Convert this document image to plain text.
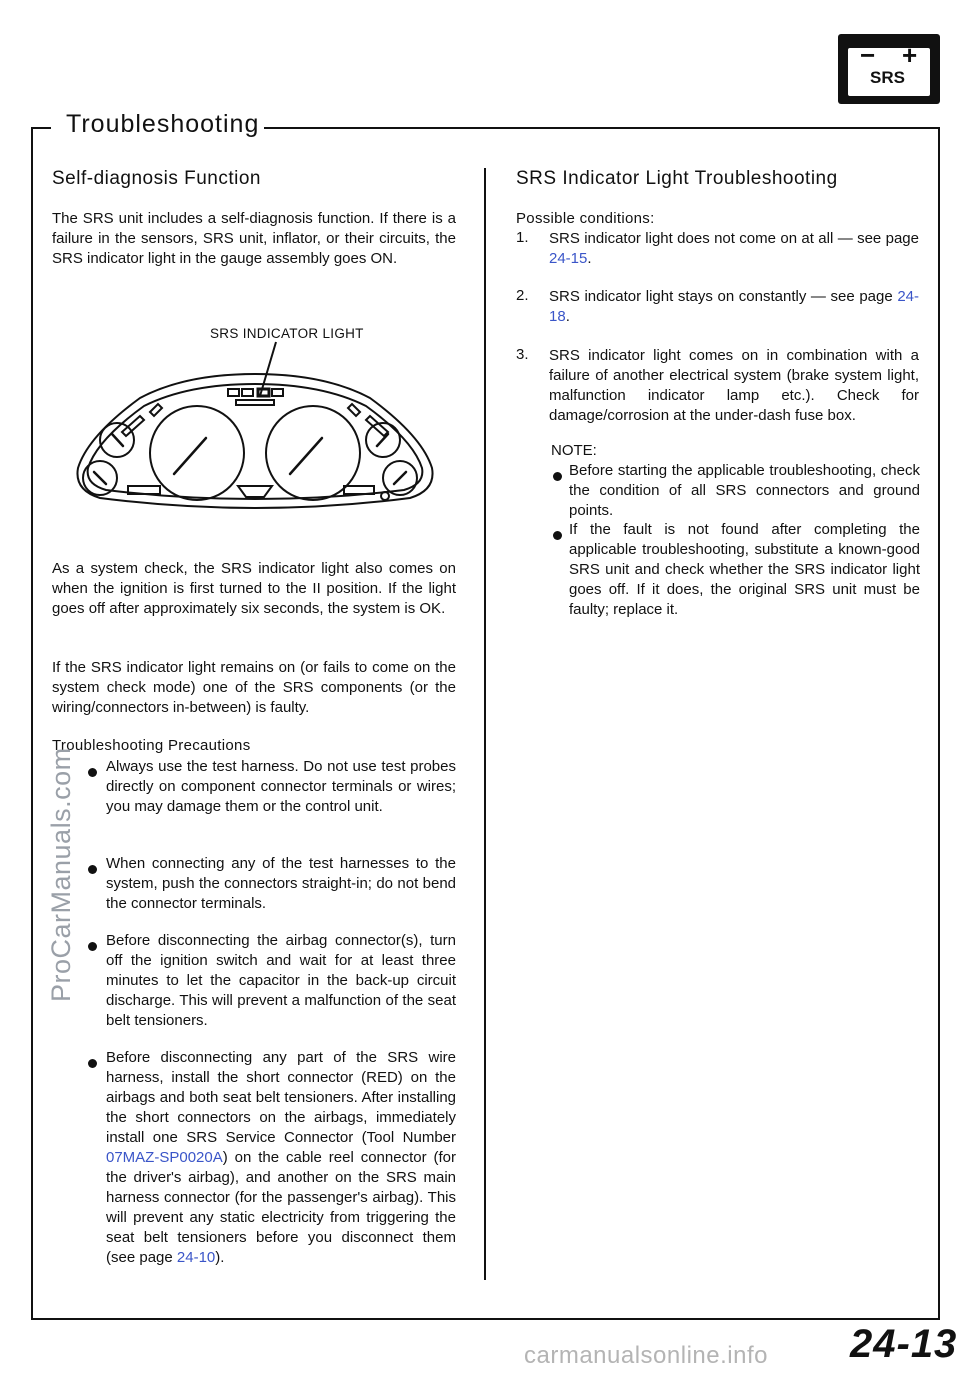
− +
SRS
Troubleshooting
Self-diagnosis Function
The SRS unit includes a self-diagnosis function. If there is a failure in the sensors, SRS unit, inflator, or their circuits, the SRS indicator light in the gauge assembly goes ON.
SRS INDICATOR LIGHT
As a system check, the SRS indicator light also comes on when the ignition is first turned to the II position. If the light goes off after approximately six seconds, the system is OK.
If the SRS indicator light remains on (or fails to come on the system check mode) one of the SRS components (or the wiring/connectors in-between) is faulty.
Troubleshooting Precautions
Always use the test harness. Do not use test probes directly on component connector terminals or wires; you may damage them or the control unit.
When connecting any of the test harnesses to the system, push the connectors straight-in; do not bend the connector terminals.
Before disconnecting the airbag connector(s), turn off the ignition switch and wait for at least three minutes to let the capacitor in the back-up circuit discharge. This will prevent a malfunction of the seat belt tensioners.
Before disconnecting any part of the SRS wire harness, install the short connector (RED) on the airbags and both seat belt tensioners. After installing the short connectors on the airbags, immediately install one SRS Service Connector (Tool Number 07MAZ-SP0020A) on the cable reel connector (for the driver's airbag), and another on the SRS main harness connector (for the passenger's airbag). This will prevent any static electricity from triggering the seat belt tensioners before you disconnect them (see page 24-10).
SRS Indicator Light Troubleshooting
Possible conditions:
1. SRS indicator light does not come on at all — see page 24-15.
2. SRS indicator light stays on constantly — see page 24-18.
3. SRS indicator light comes on in combination with a failure of another electrical system (brake system light, malfunction indicator lamp etc.). Check for damage/corrosion at the under-dash fuse box.
NOTE:
Before starting the applicable troubleshooting, check the condition of all SRS connectors and ground points.
If the fault is not found after completing the applicable troubleshooting, substitute a known-good SRS unit and check whether the SRS indicator light goes off. If it does, the original SRS unit must be faulty; replace it.
ProCarManuals.com
24-13
carmanualsonline.info
